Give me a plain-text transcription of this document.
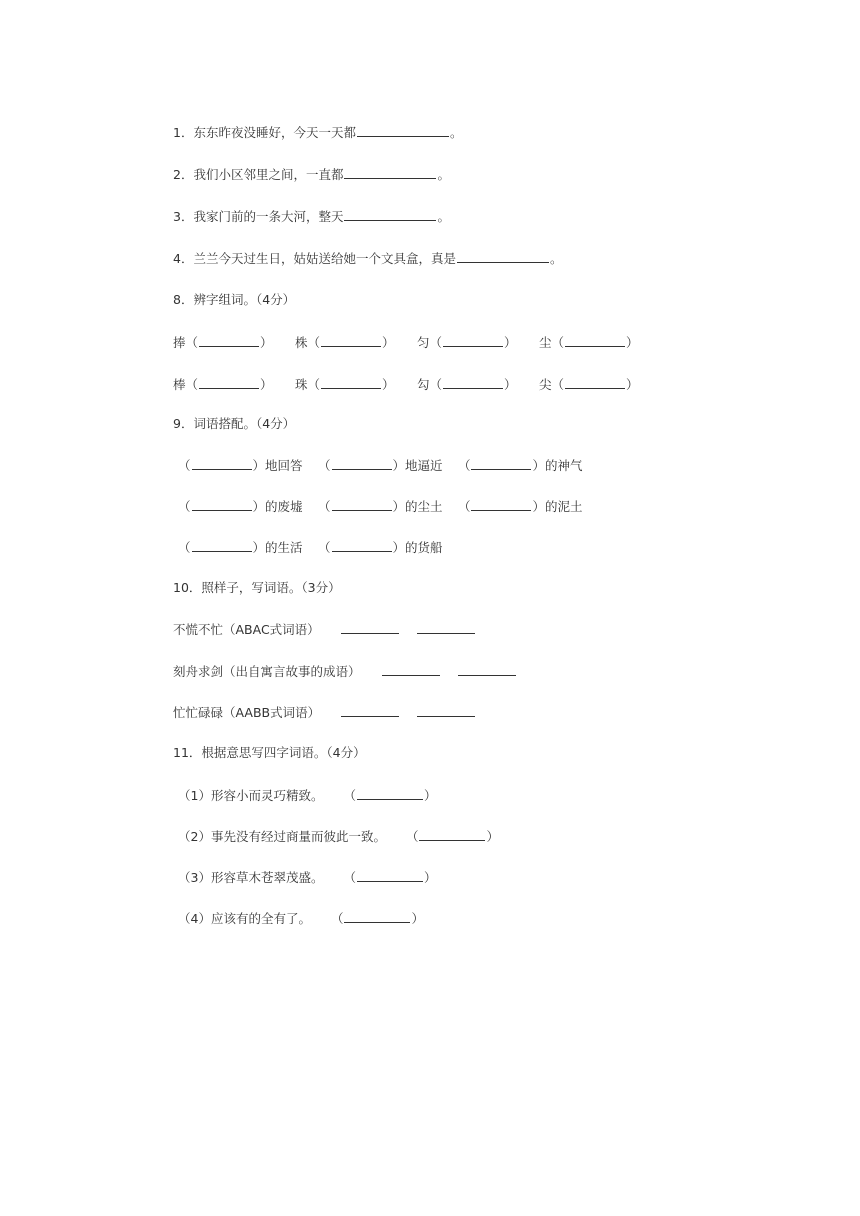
1．东东昨夜没睡好，今天一天都	。
2．我们小区邻里之间，一直都	。
3．我家门前的一条大河，整天	。
4．兰兰今天过生日，姑姑送给她一个文具盒，真是	。
8．辨字组词。（4分）
捧（	） 株（	） 匀（	） 尘（	）
棒（	） 珠（	） 勾（	） 尖（	）
9．词语搭配。（4分）
（	）地回答 （	）地逼近 （	）的神气
（	）的废墟 （	）的尘土 （	）的泥土
（	）的生活 （	）的货船
10．照样子，写词语。（3分）
不慌不忙（ABAC式词语）
刻舟求剑（出自寓言故事的成语）
忙忙碌碌（AABB式词语）
11．根据意思写四字词语。（4分）
（1）形容小而灵巧精致。 （	）
（2）事先没有经过商量而彼此一致。 （	）
（3）形容草木苍翠茂盛。 （	）
（4）应该有的全有了。 （	）
